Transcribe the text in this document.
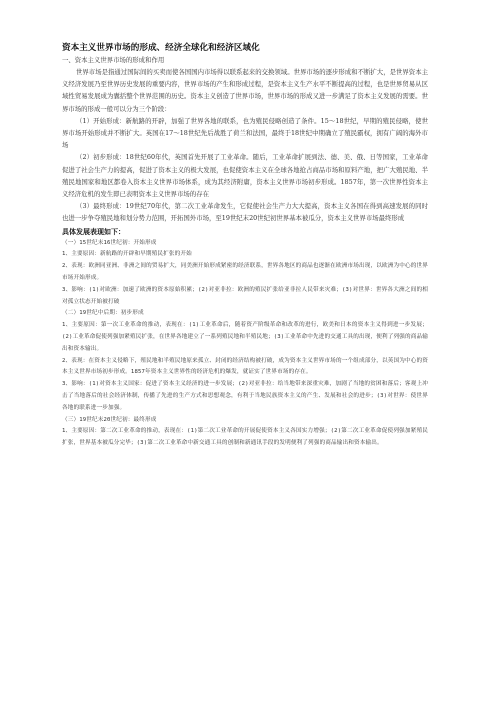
资本主义世界市场的形成、经济全球化和经济区域化
一、资本主义世界市场的形成和作用

世界市场是指通过国际间的买卖而使各国国内市场得以联系起来的交换领域。世界市场的逐步形成和不断扩大，是世界资本主义经济发展乃至世界历史发展的重要内容，世界市场的产生和形成过程，是资本主义生产水平不断提高的过程，也是世界贸易从区域性贸易发展成为囊括整个世界范围的历史。资本主义创造了世界市场，世界市场的形成又进一步满足了资本主义发展的需要。世界市场的形成一般可以分为三个阶段：

（1）开始形成：新航路的开辟，加强了世界各地的联系，也为殖民侵略创造了条件。15～18世纪，早期的殖民侵略，使世界市场开始形成并不断扩大。英国在17～18世纪先后战胜了荷兰和法国，最终于18世纪中期确立了殖民霸权，拥有广阔的海外市场

（2）初步形成：18世纪60年代，英国首先开展了工业革命。随后，工业革命扩展到法、德、美、俄、日等国家，工业革命促进了社会生产力的提高，促进了资本主义的极大发展，也促使资本主义在全球各地抢占商品市场和原料产地，把广大殖民地、半殖民地国家和地区都卷入资本主义世界市场体系，成为其经济附庸，资本主义世界市场初步形成。1857年，第一次世界性资本主义经济危机的发生即已表明资本主义世界市场的存在

（3）最终形成：19世纪70年代，第二次工业革命发生，它促使社会生产力大大提高，资本主义各国在得到高速发展的同时也进一步争夺殖民地和划分势力范围，开拓国外市场，至19世纪末20世纪初世界基本被瓜分，资本主义世界市场最终形成

具体发展表现如下：

（一）15世纪末16世纪初：开始形成

1、主要原因：新航路的开辟和早期殖民扩张的开始

2、表现：欧洲同亚洲、非洲之间的贸易扩大，同美洲开始形成紧密的经济联系，世界各地区的商品也逐渐在欧洲市场出现，以欧洲为中心的世界市场开始形成。

3、影响：(1)对欧洲：加速了欧洲的资本原始积累；(2)对亚非拉：欧洲的殖民扩张给亚非拉人民带来灾难；(3)对世界：世界各大洲之间的相对孤立状态开始被打破

（二）19世纪中后期：初步形成

1、主要原因：第一次工业革命的推动，表现在：(1)工业革命后，随着资产阶级革命和改革的进行，欧美和日本的资本主义得到进一步发展；(2)工业革命促使列强加紧殖民扩张，在世界各地建立了一系列殖民地和半殖民地；(3)工业革命中先进的交通工具的出现，便利了列强的商品输出和资本输出。

2、表现：在资本主义侵略下，殖民地和半殖民地原来孤立、封闭的经济结构被打破，成为资本主义世界市场的一个组成部分，以英国为中心的资本主义世界市场初步形成。1857年资本主义世界性的经济危机的爆发，就证实了世界市场的存在。

3、影响：(1)对资本主义国家：促进了资本主义经济的进一步发展；(2)对亚非拉：给当地带来深重灾难，加剧了当地的贫困和落后；客观上冲击了当地落后的社会经济体制，传播了先进的生产方式和思想观念，有利于当地民族资本主义的产生、发展和社会的进步；(3)对世界：使世界各地的联系进一步加强。

（三）19世纪末20世纪初：最终形成

1、主要原因：第二次工业革命的推动，表现在：(1)第二次工业革命的开展促使资本主义各国实力增强；(2)第二次工业革命促使列强加紧殖民扩张，世界基本被瓜分完毕；(3)第二次工业革命中新交通工具的创制和新通讯手段的发明便利了列强的商品输出和资本输出。
